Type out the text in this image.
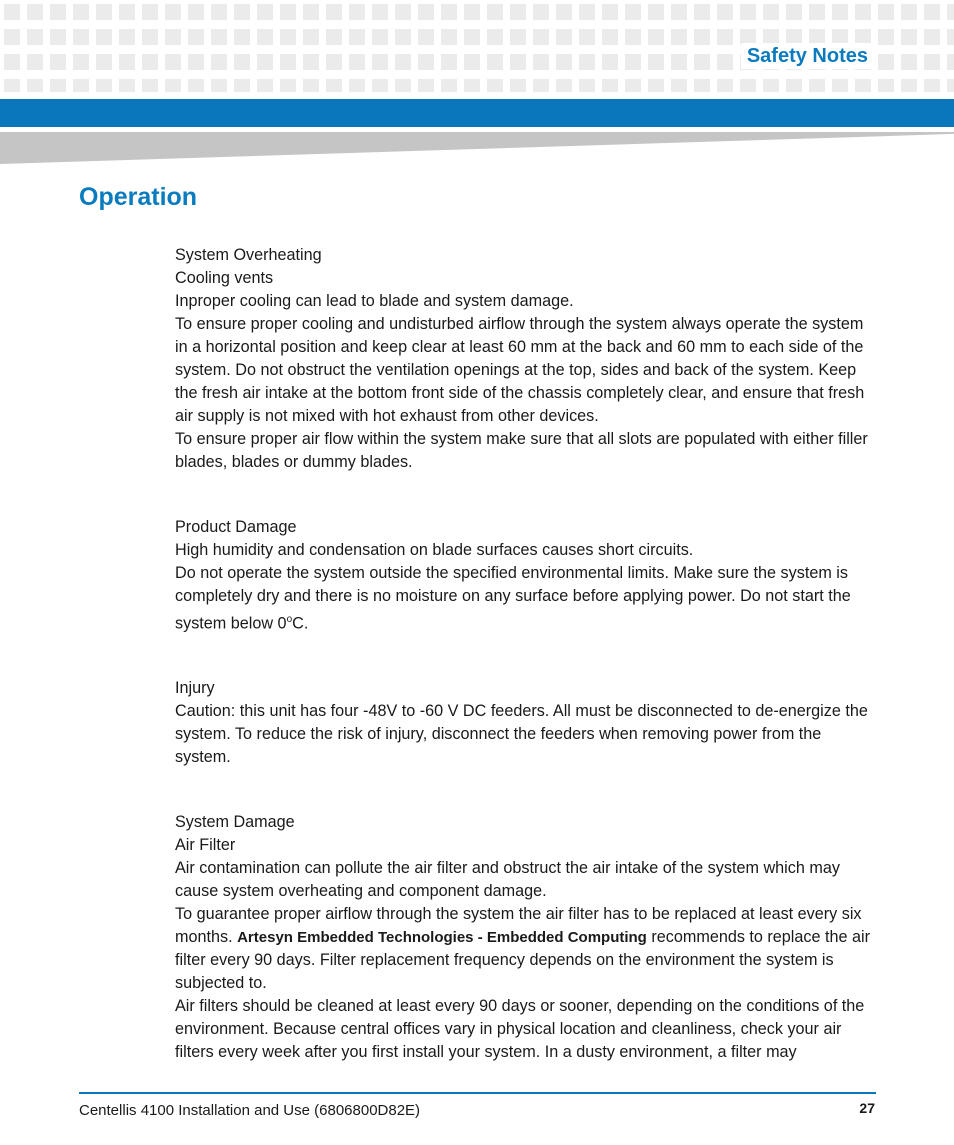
Safety Notes
Operation

System Overheating

Cooling vents

Inproper cooling can lead to blade and system damage.

To ensure proper cooling and undisturbed airflow through the system always operate the system in a horizontal position and keep clear at least 60 mm at the back and 60 mm to each side of the system. Do not obstruct the ventilation openings at the top, sides and back of the system. Keep the fresh air intake at the bottom front side of the chassis completely clear, and ensure that fresh air supply is not mixed with hot exhaust from other devices.

To ensure proper air flow within the system make sure that all slots are populated with either filler blades, blades or dummy blades.

Product Damage

High humidity and condensation on blade surfaces causes short circuits.

Do not operate the system outside the specified environmental limits. Make sure the system is completely dry and there is no moisture on any surface before applying power. Do not start the system below 0$^o$C.

Injury

Caution: this unit has four -48V to -60 V DC feeders. All must be disconnected to de-energize the system. To reduce the risk of injury, disconnect the feeders when removing power from the system.

System Damage

Air Filter

Air contamination can pollute the air filter and obstruct the air intake of the system which may cause system overheating and component damage.

To guarantee proper airflow through the system the air filter has to be replaced at least every six months. Artesyn Embedded Technologies - Embedded Computing recommends to replace the air filter every 90 days. Filter replacement frequency depends on the environment the system is subjected to.

Air filters should be cleaned at least every 90 days or sooner, depending on the conditions of the environment. Because central offices vary in physical location and cleanliness, check your air filters every week after you first install your system. In a dusty environment, a filter may

Centellis 4100 Installation and Use (6806800D82E)	27
